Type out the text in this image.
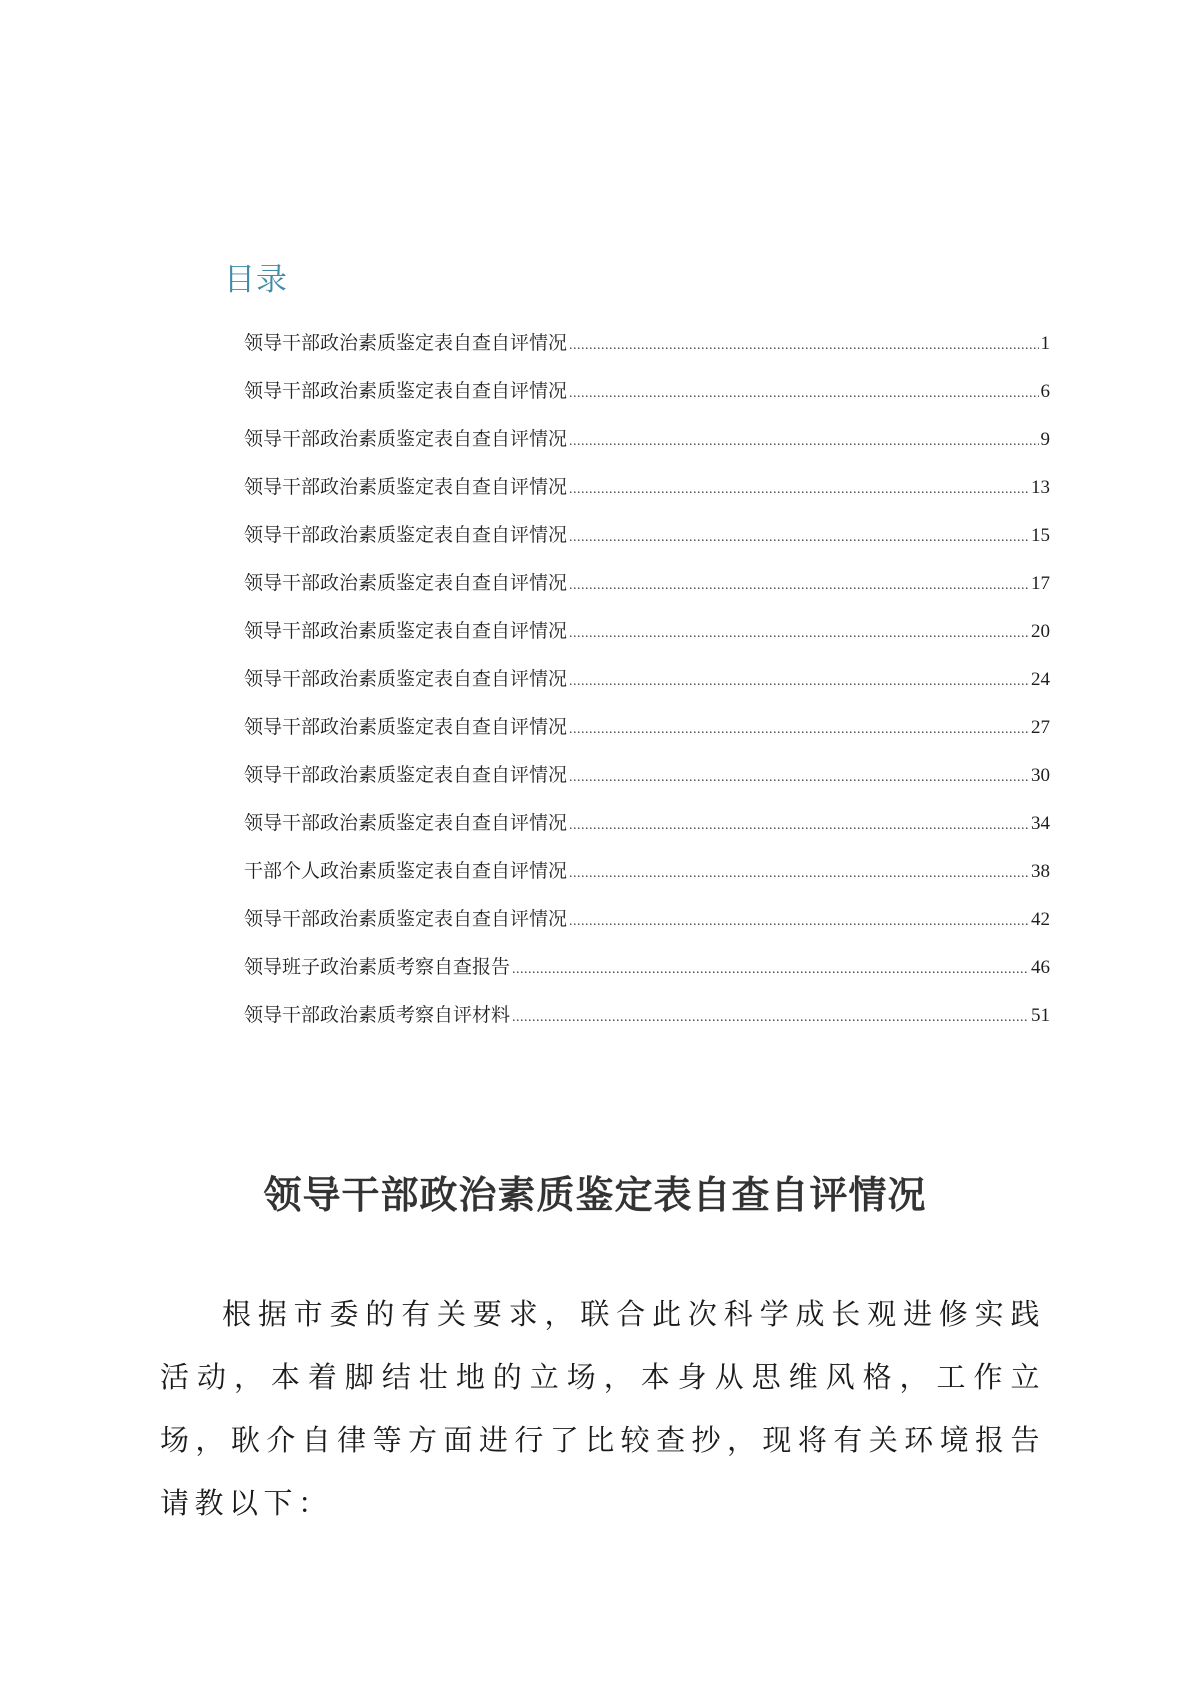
目录
领导干部政治素质鉴定表自查自评情况 .....	1
领导干部政治素质鉴定表自查自评情况 .....	6
领导干部政治素质鉴定表自查自评情况 .....	9
领导干部政治素质鉴定表自查自评情况 .....	13
领导干部政治素质鉴定表自查自评情况 .....	15
领导干部政治素质鉴定表自查自评情况 .....	17
领导干部政治素质鉴定表自查自评情况 .....	20
领导干部政治素质鉴定表自查自评情况 .....	24
领导干部政治素质鉴定表自查自评情况 .....	27
领导干部政治素质鉴定表自查自评情况 .....	30
领导干部政治素质鉴定表自查自评情况 .....	34
干部个人政治素质鉴定表自查自评情况 .....	38
领导干部政治素质鉴定表自查自评情况 .....	42
领导班子政治素质考察自查报告 .....	46
领导干部政治素质考察自评材料 .....	51
领导干部政治素质鉴定表自查自评情况

根据市委的有关要求，联合此次科学成长观进修实践活动，本着脚结壮地的立场，本身从思维风格，工作立场，耿介自律等方面进行了比较查抄，现将有关环境报告请教以下：
